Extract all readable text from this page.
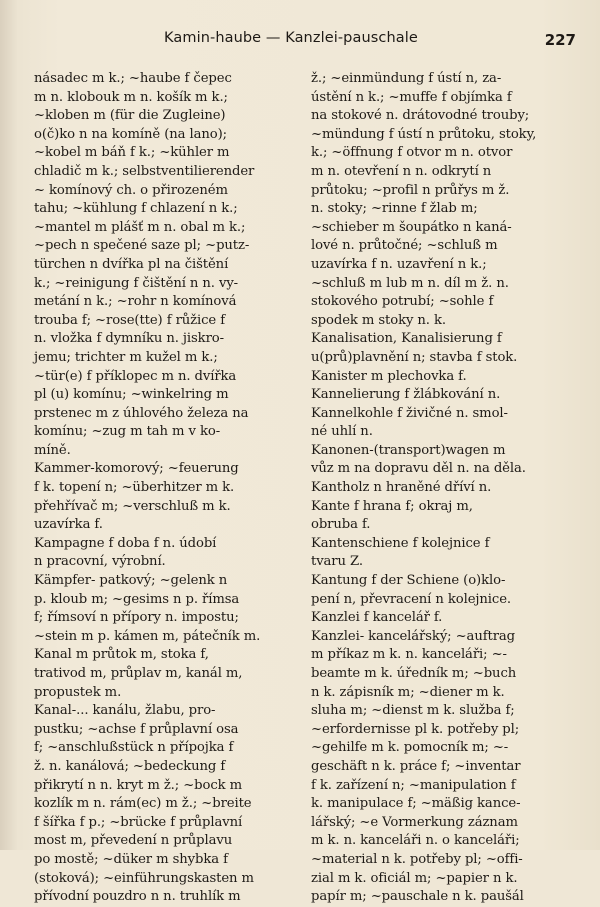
Kamin-haube — Kanzlei-pauschale	227
násadec m k.; ~haube f čepec
m n. klobouk m n. košík m k.;
~kloben m (für die Zugleine)
o(č)ko n na komíně (na lano);
~kobel m báň f k.; ~kühler m
chladič m k.; selbstventilierender
~ komínový ch. o přirozeném
tahu; ~kühlung f chlazení n k.;
~mantel m plášť m n. obal m k.;
~pech n spečené saze pl; ~putz-
türchen n dvířka pl na čištění
k.; ~reinigung f čištění n n. vy-
metání n k.; ~rohr n komínová
trouba f; ~rose(tte) f růžice f
n. vložka f dymníku n. jiskro-
jemu; trichter m kužel m k.;
~tür(e) f příklopec m n. dvířka
pl (u) komínu; ~winkelring m
prstenec m z úhlového železa na
komínu; ~zug m tah m v ko-
míně.
Kammer-komorový; ~feuerung
f k. topení n; ~überhitzer m k.
přehřívač m; ~verschluß m k.
uzavírka f.
Kampagne f doba f n. údobí
n pracovní, výrobní.
Kämpfer- patkový; ~gelenk n
p. kloub m; ~gesims n p. římsa
f; římsoví n přípory n. impostu;
~stein m p. kámen m, pátečník m.
Kanal m průtok m, stoka f,
trativod m, průplav m, kanál m,
propustek m.
Kanal-... kanálu, žlabu, pro-
pustku; ~achse f průplavní osa
f; ~anschlußstück n přípojka f
ž. n. kanálová; ~bedeckung f
přikrytí n n. kryt m ž.; ~bock m
kozlík m n. rám(ec) m ž.; ~breite
f šířka f p.; ~brücke f průplavní
most m, převedení n průplavu
po mostě; ~düker m shybka f
(stoková); ~einführungskasten m
přívodní pouzdro n n. truhlík m
ž.; ~einmündung f ústí n, za-
ústění n k.; ~muffe f objímka f
na stokové n. drátovodné trouby;
~mündung f ústí n průtoku, stoky,
k.; ~öffnung f otvor m n. otvor
m n. otevření n n. odkrytí n
průtoku; ~profil n průřys m ž.
n. stoky; ~rinne f žlab m;
~schieber m šoupátko n kaná-
lové n. průtočné; ~schluß m
uzavírka f n. uzavření n k.;
~schluß m lub m n. díl m ž. n.
stokového potrubí; ~sohle f
spodek m stoky n. k.
Kanalisation, Kanalisierung f
u(prů)plavnění n; stavba f stok.
Kanister m plechovka f.
Kannelierung f žlábkování n.
Kannelkohle f živičné n. smol-
né uhlí n.
Kanonen-(transport)wagen m
vůz m na dopravu děl n. na děla.
Kantholz n hraněné dříví n.
Kante f hrana f; okraj m,
obruba f.
Kantenschiene f kolejnice f
tvaru Z.
Kantung f der Schiene (o)klo-
pení n, převracení n kolejnice.
Kanzlei f kancelář f.
Kanzlei- kancelářský; ~auftrag
m příkaz m k. n. kanceláři; ~-
beamte m k. úředník m; ~buch
n k. zápisník m; ~diener m k.
sluha m; ~dienst m k. služba f;
~erfordernisse pl k. potřeby pl;
~gehilfe m k. pomocník m; ~-
geschäft n k. práce f; ~inventar
f k. zařízení n; ~manipulation f
k. manipulace f; ~mäßig kance-
lářský; ~e Vormerkung záznam
m k. n. kanceláři n. o kanceláři;
~material n k. potřeby pl; ~offi-
zial m k. oficiál m; ~papier n k.
papír m; ~pauschale n k. paušál
